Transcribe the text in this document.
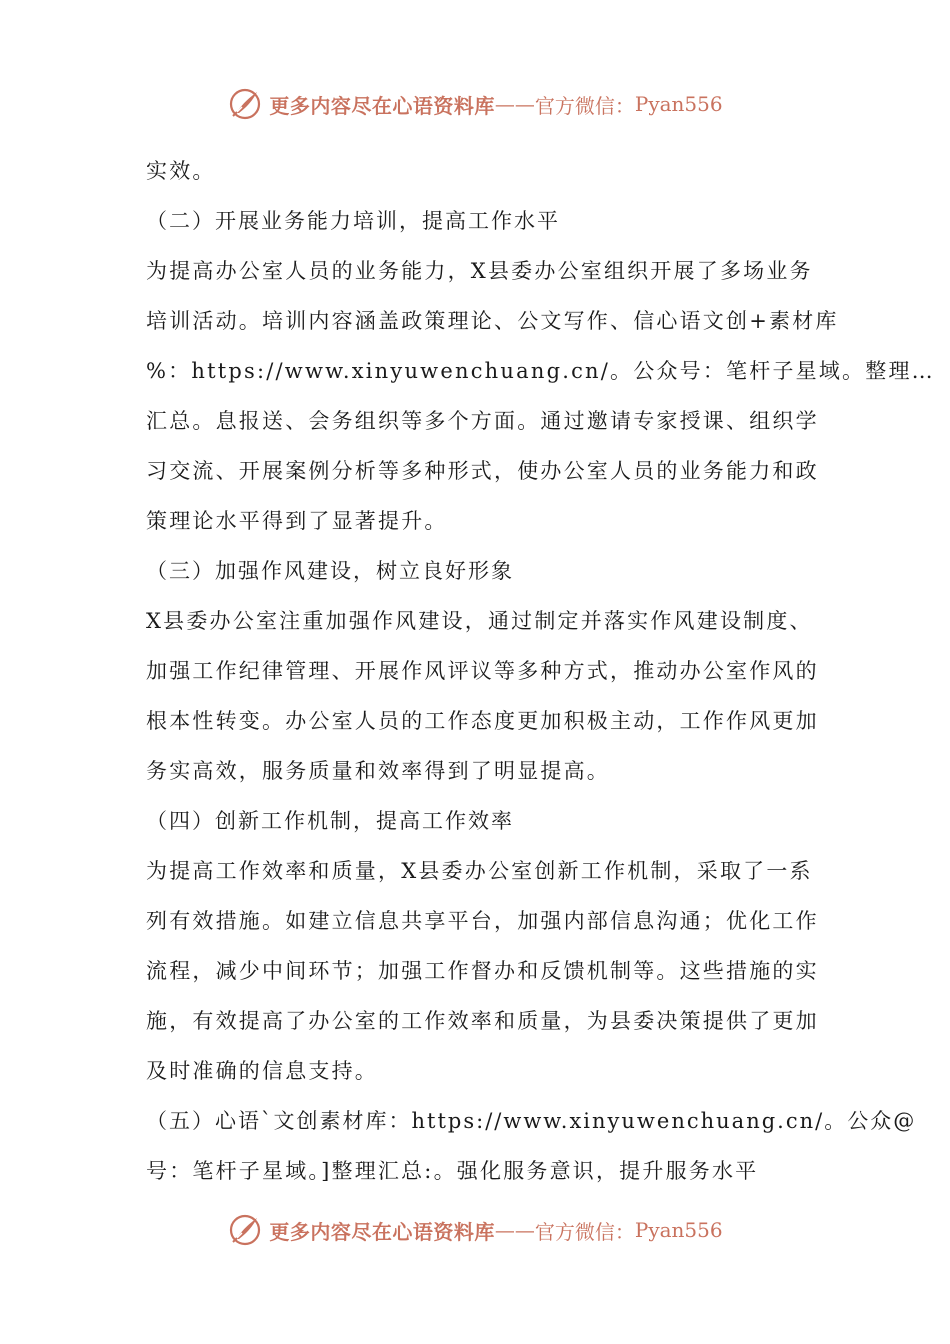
更多内容尽在心语资料库 —— 官方微信： Pyan556
实效。
（二）开展业务能力培训，提高工作水平
为提高办公室人员的业务能力，X县委办公室组织开展了多场业务
培训活动。培训内容涵盖政策理论、公文写作、信心语文创+素材库
%：https://www.xinyuwenchuang.cn/。公众号：笔杆子星域。整理…
汇总。息报送、会务组织等多个方面。通过邀请专家授课、组织学
习交流、开展案例分析等多种形式，使办公室人员的业务能力和政
策理论水平得到了显著提升。
（三）加强作风建设，树立良好形象
X县委办公室注重加强作风建设，通过制定并落实作风建设制度、
加强工作纪律管理、开展作风评议等多种方式，推动办公室作风的
根本性转变。办公室人员的工作态度更加积极主动，工作作风更加
务实高效，服务质量和效率得到了明显提高。
（四）创新工作机制，提高工作效率
为提高工作效率和质量，X县委办公室创新工作机制，采取了一系
列有效措施。如建立信息共享平台，加强内部信息沟通；优化工作
流程，减少中间环节；加强工作督办和反馈机制等。这些措施的实
施，有效提高了办公室的工作效率和质量，为县委决策提供了更加
及时准确的信息支持。
（五）心语`文创素材库：https://www.xinyuwenchuang.cn/。公众@
号：笔杆子星域。]整理汇总:。强化服务意识，提升服务水平
更多内容尽在心语资料库 —— 官方微信： Pyan556
